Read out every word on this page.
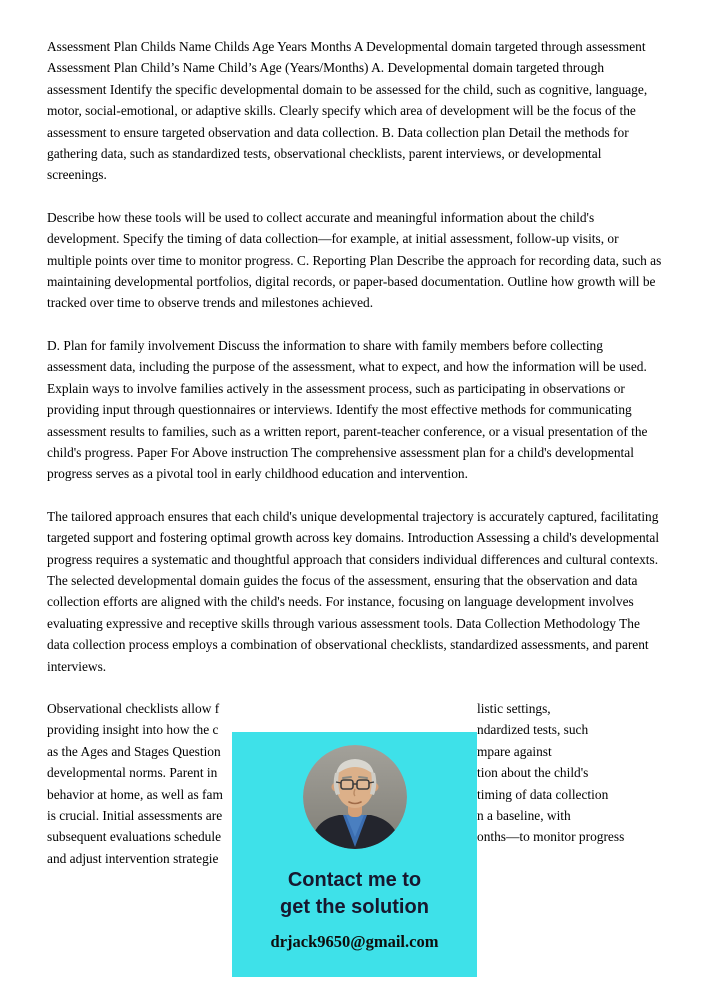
Assessment Plan Childs Name Childs Age Years Months A Developmental domain targeted through assessment Assessment Plan Child’s Name Child’s Age (Years/Months) A. Developmental domain targeted through assessment Identify the specific developmental domain to be assessed for the child, such as cognitive, language, motor, social-emotional, or adaptive skills. Clearly specify which area of development will be the focus of the assessment to ensure targeted observation and data collection. B. Data collection plan Detail the methods for gathering data, such as standardized tests, observational checklists, parent interviews, or developmental screenings.

Describe how these tools will be used to collect accurate and meaningful information about the child's development. Specify the timing of data collection—for example, at initial assessment, follow-up visits, or multiple points over time to monitor progress. C. Reporting Plan Describe the approach for recording data, such as maintaining developmental portfolios, digital records, or paper-based documentation. Outline how growth will be tracked over time to observe trends and milestones achieved.

D. Plan for family involvement Discuss the information to share with family members before collecting assessment data, including the purpose of the assessment, what to expect, and how the information will be used. Explain ways to involve families actively in the assessment process, such as participating in observations or providing input through questionnaires or interviews. Identify the most effective methods for communicating assessment results to families, such as a written report, parent-teacher conference, or a visual presentation of the child's progress. Paper For Above instruction The comprehensive assessment plan for a child's developmental progress serves as a pivotal tool in early childhood education and intervention.

The tailored approach ensures that each child's unique developmental trajectory is accurately captured, facilitating targeted support and fostering optimal growth across key domains. Introduction Assessing a child's developmental progress requires a systematic and thoughtful approach that considers individual differences and cultural contexts. The selected developmental domain guides the focus of the assessment, ensuring that the observation and data collection efforts are aligned with the child's needs. For instance, focusing on language development involves evaluating expressive and receptive skills through various assessment tools. Data Collection Methodology The data collection process employs a combination of observational checklists, standardized assessments, and parent interviews.

Observational checklists allow f	listic settings,
providing insight into how the c	ndardized tests, such
as the Ages and Stages Question	mpare against
developmental norms. Parent in	tion about the child's
behavior at home, as well as fam	timing of data collection
is crucial. Initial assessments are	n a baseline, with
subsequent evaluations schedule	onths—to monitor progress
and adjust intervention strategie
Contact me to
get the solution
drjack9650@gmail.com
